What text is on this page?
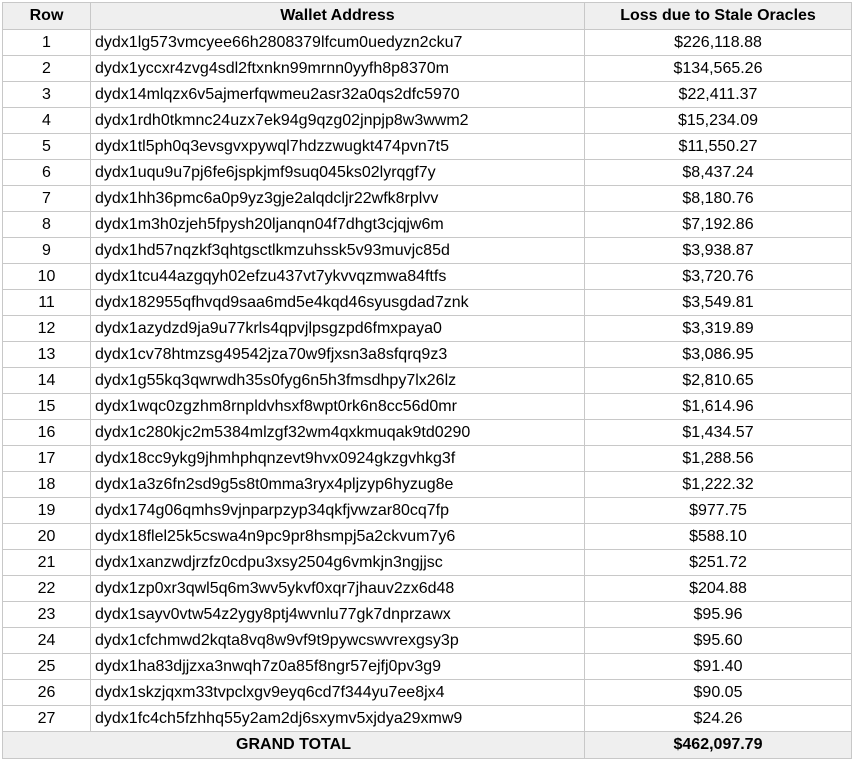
Row	Wallet Address	Loss due to Stale Oracles
1	dydx1lg573vmcyee66h2808379lfcum0uedyzn2cku7	$226,118.88
2	dydx1yccxr4zvg4sdl2ftxnkn99mrnn0yyfh8p8370m	$134,565.26
3	dydx14mlqzx6v5ajmerfqwmeu2asr32a0qs2dfc5970	$22,411.37
4	dydx1rdh0tkmnc24uzx7ek94g9qzg02jnpjp8w3wwm2	$15,234.09
5	dydx1tl5ph0q3evsgvxpywql7hdzzwugkt474pvn7t5	$11,550.27
6	dydx1uqu9u7pj6fe6jspkjmf9suq045ks02lyrqgf7y	$8,437.24
7	dydx1hh36pmc6a0p9yz3gje2alqdcljr22wfk8rplvv	$8,180.76
8	dydx1m3h0zjeh5fpysh20ljanqn04f7dhgt3cjqjw6m	$7,192.86
9	dydx1hd57nqzkf3qhtgsctlkmzuhssk5v93muvjc85d	$3,938.87
10	dydx1tcu44azgqyh02efzu437vt7ykvvqzmwa84ftfs	$3,720.76
11	dydx182955qfhvqd9saa6md5e4kqd46syusgdad7znk	$3,549.81
12	dydx1azydzd9ja9u77krls4qpvjlpsgzpd6fmxpaya0	$3,319.89
13	dydx1cv78htmzsg49542jza70w9fjxsn3a8sfqrq9z3	$3,086.95
14	dydx1g55kq3qwrwdh35s0fyg6n5h3fmsdhpy7lx26lz	$2,810.65
15	dydx1wqc0zgzhm8rnpldvhsxf8wpt0rk6n8cc56d0mr	$1,614.96
16	dydx1c280kjc2m5384mlzgf32wm4qxkmuqak9td0290	$1,434.57
17	dydx18cc9ykg9jhmhphqnzevt9hvx0924gkzgvhkg3f	$1,288.56
18	dydx1a3z6fn2sd9g5s8t0mma3ryx4pljzyp6hyzug8e	$1,222.32
19	dydx174g06qmhs9vjnparpzyp34qkfjvwzar80cq7fp	$977.75
20	dydx18flel25k5cswa4n9pc9pr8hsmpj5a2ckvum7y6	$588.10
21	dydx1xanzwdjrzfz0cdpu3xsy2504g6vmkjn3ngjjsc	$251.72
22	dydx1zp0xr3qwl5q6m3wv5ykvf0xqr7jhauv2zx6d48	$204.88
23	dydx1sayv0vtw54z2ygy8ptj4wvnlu77gk7dnprzawx	$95.96
24	dydx1cfchmwd2kqta8vq8w9vf9t9pywcswvrexgsy3p	$95.60
25	dydx1ha83djjzxa3nwqh7z0a85f8ngr57ejfj0pv3g9	$91.40
26	dydx1skzjqxm33tvpclxgv9eyq6cd7f344yu7ee8jx4	$90.05
27	dydx1fc4ch5fzhhq55y2am2dj6sxymv5xjdya29xmw9	$24.26
GRAND TOTAL		$462,097.79
